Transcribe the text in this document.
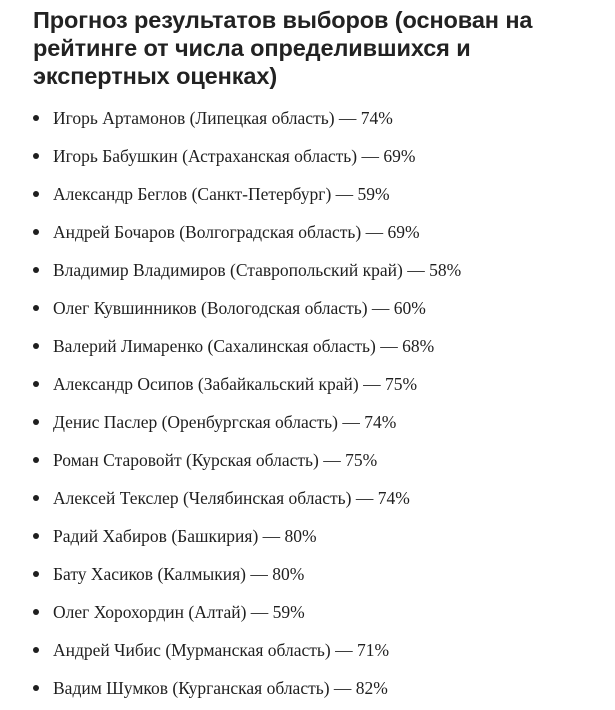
Прогноз результатов выборов (основан на рейтинге от числа определившихся и экспертных оценках)
Игорь Артамонов (Липецкая область) — 74%
Игорь Бабушкин (Астраханская область) — 69%
Александр Беглов (Санкт-Петербург) — 59%
Андрей Бочаров (Волгоградская область) — 69%
Владимир Владимиров (Ставропольский край) — 58%
Олег Кувшинников (Вологодская область) — 60%
Валерий Лимаренко (Сахалинская область) — 68%
Александр Осипов (Забайкальский край) — 75%
Денис Паслер (Оренбургская область) — 74%
Роман Старовойт (Курская область) — 75%
Алексей Текслер (Челябинская область) — 74%
Радий Хабиров (Башкирия) — 80%
Бату Хасиков (Калмыкия) — 80%
Олег Хорохордин (Алтай) — 59%
Андрей Чибис (Мурманская область) — 71%
Вадим Шумков (Курганская область) — 82%
